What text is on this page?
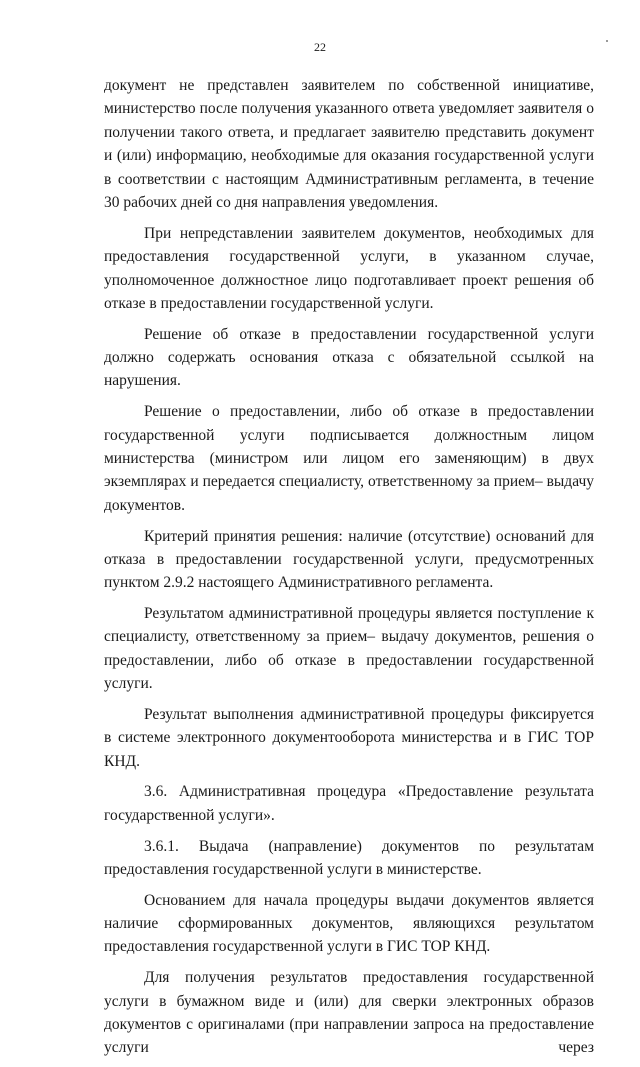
22

документ не представлен заявителем по собственной инициативе, министерство после получения указанного ответа уведомляет заявителя о получении такого ответа, и предлагает заявителю представить документ и (или) информацию, необходимые для оказания государственной услуги в соответствии с настоящим Административным регламента, в течение 30 рабочих дней со дня направления уведомления.

При непредставлении заявителем документов, необходимых для предоставления государственной услуги, в указанном случае, уполномоченное должностное лицо подготавливает проект решения об отказе в предоставлении государственной услуги.

Решение об отказе в предоставлении государственной услуги должно содержать основания отказа с обязательной ссылкой на нарушения.

Решение о предоставлении, либо об отказе в предоставлении государственной услуги подписывается должностным лицом министерства (министром или лицом его заменяющим) в двух экземплярах и передается специалисту, ответственному за прием– выдачу документов.

Критерий принятия решения: наличие (отсутствие) оснований для отказа в предоставлении государственной услуги, предусмотренных пунктом 2.9.2 настоящего Административного регламента.

Результатом административной процедуры является поступление к специалисту, ответственному за прием– выдачу документов, решения о предоставлении, либо об отказе в предоставлении государственной услуги.

Результат выполнения административной процедуры фиксируется в системе электронного документооборота министерства и в ГИС ТОР КНД.

3.6. Административная процедура «Предоставление результата государственной услуги».

3.6.1. Выдача (направление) документов по результатам предоставления государственной услуги в министерстве.

Основанием для начала процедуры выдачи документов является наличие сформированных документов, являющихся результатом предоставления государственной услуги в ГИС ТОР КНД.

Для получения результатов предоставления государственной услуги в бумажном виде и (или) для сверки электронных образов документов с оригиналами (при направлении запроса на предоставление услуги через
